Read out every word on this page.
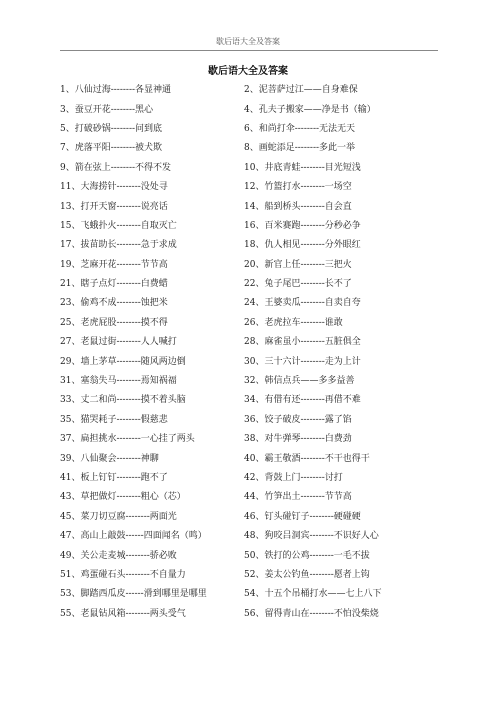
歇后语大全及答案
歇后语大全及答案
1、八仙过海--------各显神通	2、泥菩萨过江——自身难保
3、蚕豆开花--------黑心	4、孔夫子搬家——净是书（输）
5、打破砂锅--------问到底	6、和尚打伞--------无法无天
7、虎落平阳--------被犬欺	8、画蛇添足--------多此一举
9、箭在弦上--------不得不发	10、井底青蛙--------目光短浅
11、大海捞针--------没处寻	12、竹篮打水--------一场空
13、打开天窗--------说亮话	14、船到桥头--------自会直
15、飞蛾扑火--------自取灭亡	16、百米赛跑--------分秒必争
17、拔苗助长--------急于求成	18、仇人相见--------分外眼红
19、芝麻开花--------节节高	20、新官上任--------三把火
21、瞎子点灯--------白费蜡	22、兔子尾巴--------长不了
23、偷鸡不成--------蚀把米	24、王婆卖瓜--------自卖自夸
25、老虎屁股--------摸不得	26、老虎拉车--------谁敢
27、老鼠过街--------人人喊打	28、麻雀虽小--------五脏俱全
29、墙上茅草--------随风两边倒	30、三十六计--------走为上计
31、塞翁失马--------焉知祸福	32、韩信点兵——多多益善
33、丈二和尚--------摸不着头脑	34、有借有还--------再借不难
35、猫哭耗子--------假慈悲	36、饺子破皮--------露了馅
37、扁担挑水--------一心挂了两头	38、对牛弹琴--------白费劲
39、八仙聚会--------神聊	40、霸王敬酒--------不干也得干
41、板上钉钉--------跑不了	42、背鼓上门--------讨打
43、草把做灯--------粗心（芯）	44、竹笋出土--------节节高
45、菜刀切豆腐--------两面光	46、钉头碰钉子--------硬碰硬
47、高山上敲鼓------四面闻名（鸣）	48、狗咬吕洞宾--------不识好人心
49、关公走麦城--------骄必败	50、铁打的公鸡--------一毛不拔
51、鸡蛋碰石头--------不自量力	52、姜太公钓鱼--------愿者上钩
53、脚踏西瓜皮------滑到哪里是哪里	54、十五个吊桶打水——七上八下
55、老鼠钻风箱--------两头受气	56、留得青山在--------不怕没柴烧
